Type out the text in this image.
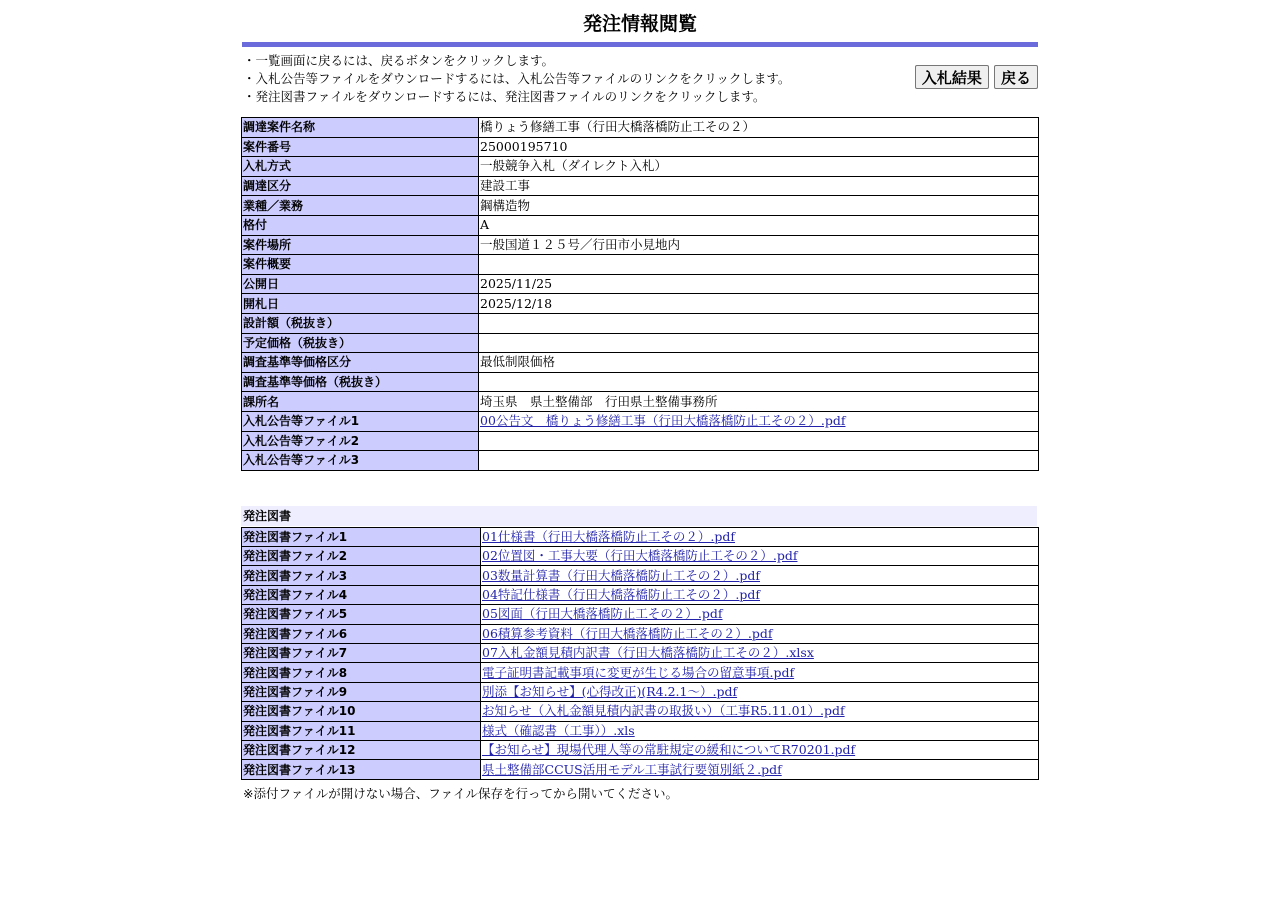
発注情報閲覧
・一覧画面に戻るには、戻るボタンをクリックします。
・入札公告等ファイルをダウンロードするには、入札公告等ファイルのリンクをクリックします。
・発注図書ファイルをダウンロードするには、発注図書ファイルのリンクをクリックします。
入札結果 戻る
調達案件名称	橋りょう修繕工事（行田大橋落橋防止工その２）
案件番号	25000195710
入札方式	一般競争入札（ダイレクト入札）
調達区分	建設工事
業種／業務	鋼構造物
格付	A
案件場所	一般国道１２５号／行田市小見地内
案件概要	
公開日	2025/11/25
開札日	2025/12/18
設計額（税抜き）	
予定価格（税抜き）	
調査基準等価格区分	最低制限価格
調査基準等価格（税抜き）	
課所名	埼玉県　県土整備部　行田県土整備事務所
入札公告等ファイル1	00公告文　橋りょう修繕工事（行田大橋落橋防止工その２）.pdf
入札公告等ファイル2	
入札公告等ファイル3	
発注図書
発注図書ファイル1	01仕様書（行田大橋落橋防止工その２）.pdf
発注図書ファイル2	02位置図・工事大要（行田大橋落橋防止工その２）.pdf
発注図書ファイル3	03数量計算書（行田大橋落橋防止工その２）.pdf
発注図書ファイル4	04特記仕様書（行田大橋落橋防止工その２）.pdf
発注図書ファイル5	05図面（行田大橋落橋防止工その２）.pdf
発注図書ファイル6	06積算参考資料（行田大橋落橋防止工その２）.pdf
発注図書ファイル7	07入札金額見積内訳書（行田大橋落橋防止工その２）.xlsx
発注図書ファイル8	電子証明書記載事項に変更が生じる場合の留意事項.pdf
発注図書ファイル9	別添【お知らせ】(心得改正)(R4.2.1～）.pdf
発注図書ファイル10	お知らせ（入札金額見積内訳書の取扱い）（工事R5.11.01）.pdf
発注図書ファイル11	様式（確認書（工事））.xls
発注図書ファイル12	【お知らせ】現場代理人等の常駐規定の緩和についてR70201.pdf
発注図書ファイル13	県土整備部CCUS活用モデル工事試行要領別紙２.pdf
※添付ファイルが開けない場合、ファイル保存を行ってから開いてください。
